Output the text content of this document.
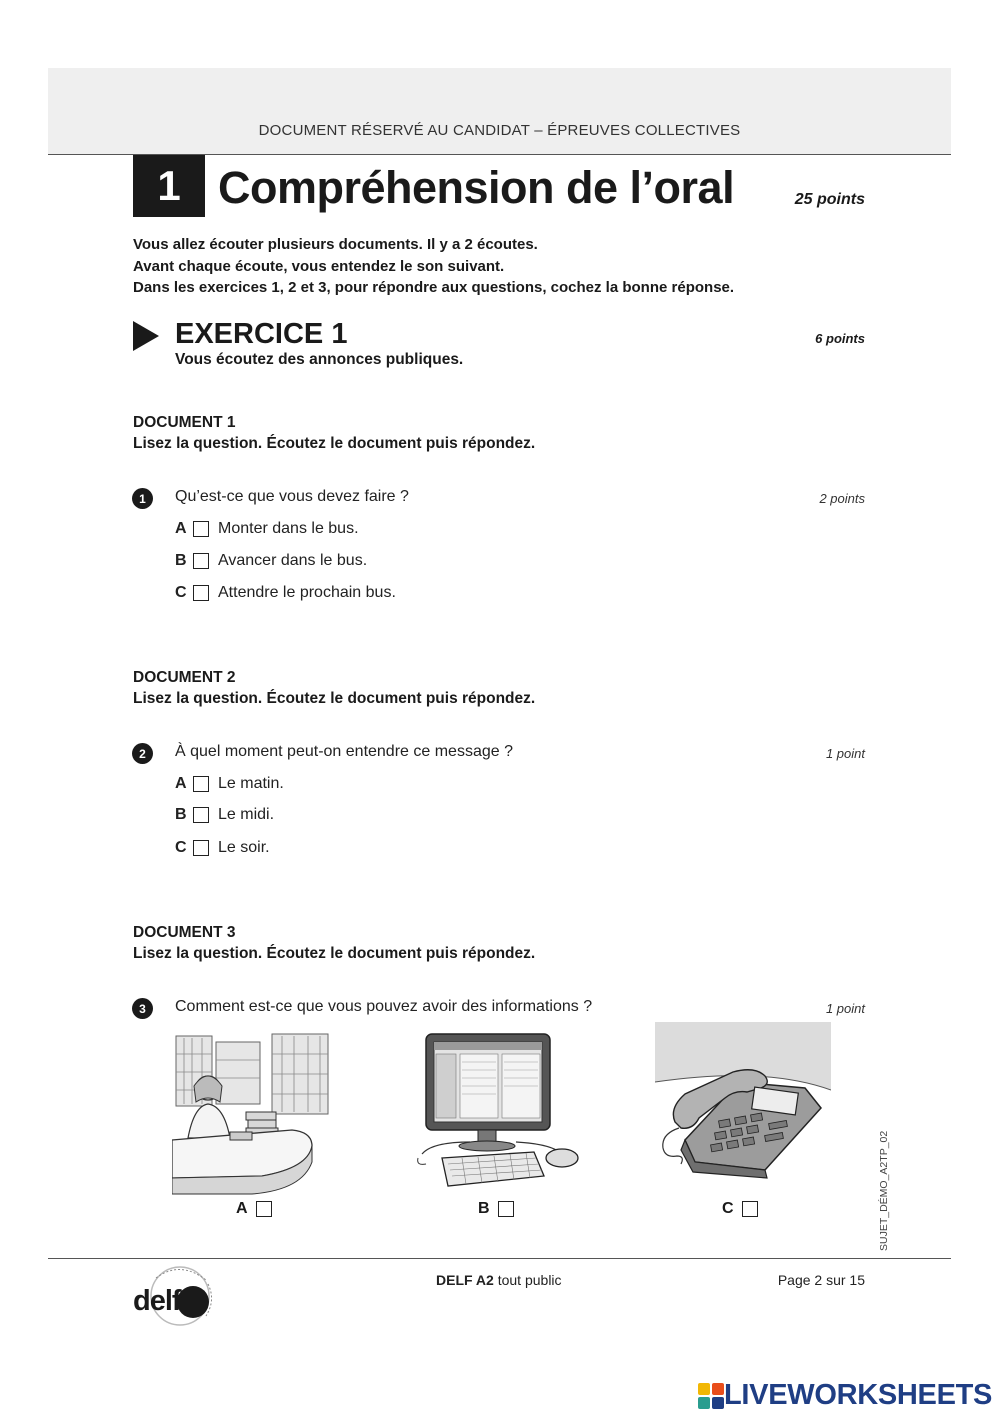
DOCUMENT RÉSERVÉ AU CANDIDAT – ÉPREUVES COLLECTIVES
1 Compréhension de l’oral	25 points
Vous allez écouter plusieurs documents. Il y a 2 écoutes.
Avant chaque écoute, vous entendez le son suivant.
Dans les exercices 1, 2 et 3, pour répondre aux questions, cochez la bonne réponse.
EXERCICE 1	6 points
Vous écoutez des annonces publiques.
DOCUMENT 1
Lisez la question. Écoutez le document puis répondez.
1	Qu’est-ce que vous devez faire ?	2 points
A	Monter dans le bus.
B	Avancer dans le bus.
C	Attendre le prochain bus.
DOCUMENT 2
Lisez la question. Écoutez le document puis répondez.
2	À quel moment peut-on entendre ce message ?	1 point
A	Le matin.
B	Le midi.
C	Le soir.
DOCUMENT 3
Lisez la question. Écoutez le document puis répondez.
3	Comment est-ce que vous pouvez avoir des informations ?	1 point
A	B	C	SUJET_DÉMO_A2TP_02
delf
DELF A2 tout public	Page 2 sur 15
LIVEWORKSHEETS
